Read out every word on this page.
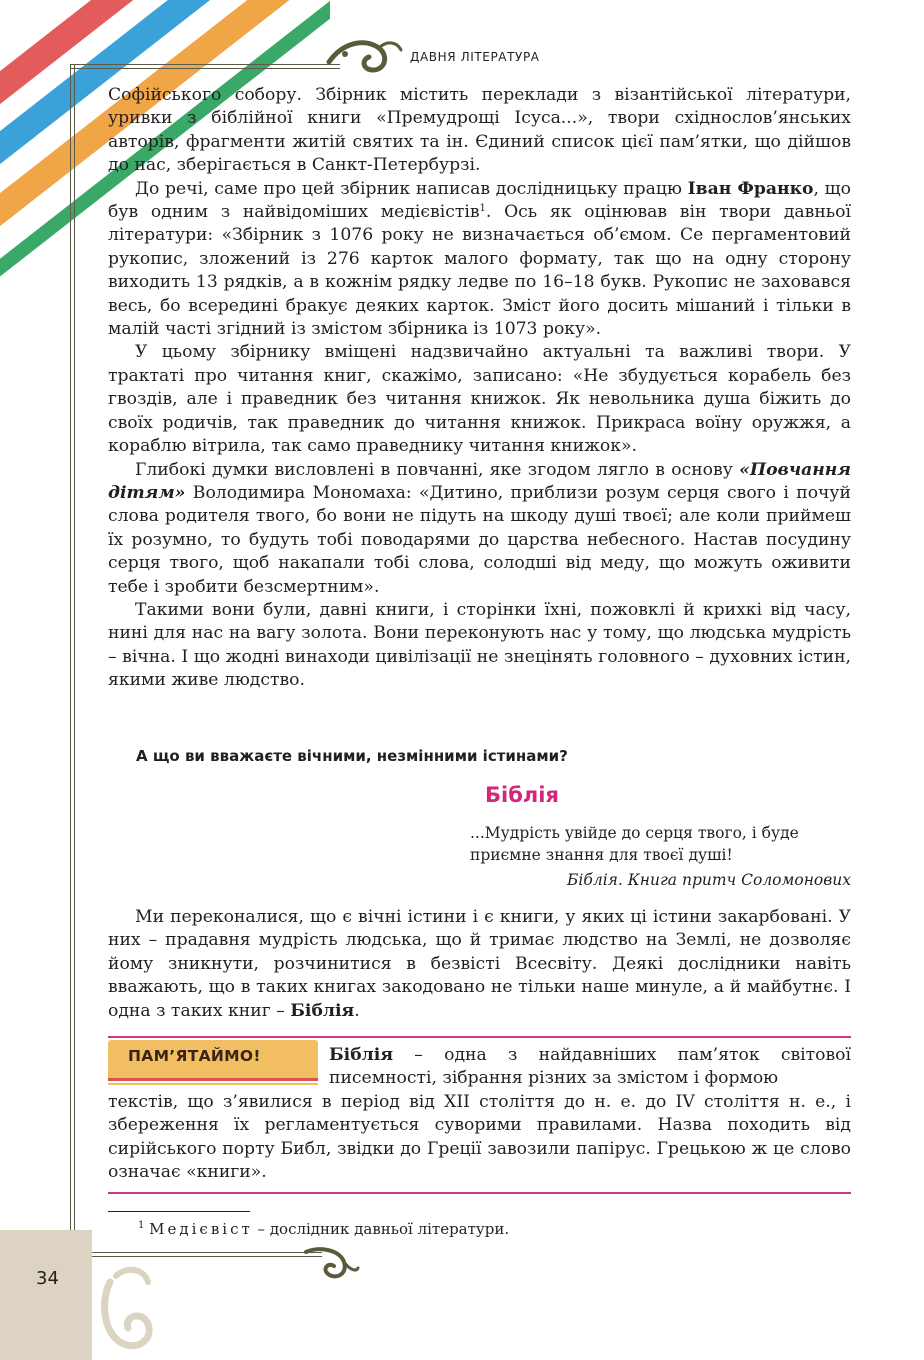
ДАВНЯ ЛІТЕРАТУРА

Софійського собору. Збірник містить переклади з візантійської літератури, уривки з біблійної книги «Премудрощі Ісуса...», твори східнослов’янських авторів, фрагменти житій святих та ін. Єдиний список цієї пам’ятки, що дійшов до нас, зберігається в Санкт-Петербурзі.

До речі, саме про цей збірник написав дослідницьку працю Іван Франко, що був одним з найвідоміших медієвістів$^1$. Ось як оцінював він твори давньої літератури: «Збірник з 1076 року не визначається об’ємом. Се пергаментовий рукопис, зложений із 276 карток малого формату, так що на одну сторону виходить 13 рядків, а в кожнім рядку ледве по 16–18 букв. Рукопис не заховався весь, бо всередині бракує деяких карток. Зміст його досить мішаний і тільки в малій часті згідний із змістом збірника із 1073 року».

У цьому збірнику вміщені надзвичайно актуальні та важливі твори. У трактаті про читання книг, скажімо, записано: «Не збудується корабель без гвоздів, але і праведник без читання книжок. Як невольника душа біжить до своїх родичів, так праведник до читання книжок. Прикраса воїну оружжя, а кораблю вітрила, так само праведнику читання книжок».

Глибокі думки висловлені в повчанні, яке згодом лягло в основу «Повчання дітям» Володимира Мономаха: «Дитино, приблизи розум серця свого і почуй слова родителя твого, бо вони не підуть на шкоду душі твоєї; але коли приймеш їх розумно, то будуть тобі поводарями до царства небесного. Настав посудину серця твого, щоб накапали тобі слова, солодші від меду, що можуть оживити тебе і зробити безсмертним».

Такими вони були, давні книги, і сторінки їхні, пожовклі й крихкі від часу, нині для нас на вагу золота. Вони переконують нас у тому, що людська мудрість – вічна. І що жодні винаходи цивілізації не знецінять головного – духовних істин, якими живе людство.

А що ви вважаєте вічними, незмінними істинами?
Біблія
...Мудрість увійде до серця твого, і буде приємне знання для твоєї душі!
Біблія. Книга притч Соломонових

Ми переконалися, що є вічні істини і є книги, у яких ці істини закарбовані. У них – прадавня мудрість людська, що й тримає людство на Землі, не дозволяє йому зникнути, розчинитися в безвісті Всесвіту. Деякі дослідники навіть вважають, що в таких книгах закодовано не тільки наше минуле, а й майбутнє. І одна з таких книг – Біблія.

ПАМ’ЯТАЙМО!	Біблія – одна з найдавніших пам’яток світової писемності, зібрання різних за змістом і формою
текстів, що з’явилися в період від XII століття до н. е. до IV століття н. е., і збереження їх регламентується суворими правилами. Назва походить від сирійського порту Библ, звідки до Греції завозили папірус. Грецькою ж це слово означає «книги».
$^1$ Медієвіст – дослідник давньої літератури.
34
